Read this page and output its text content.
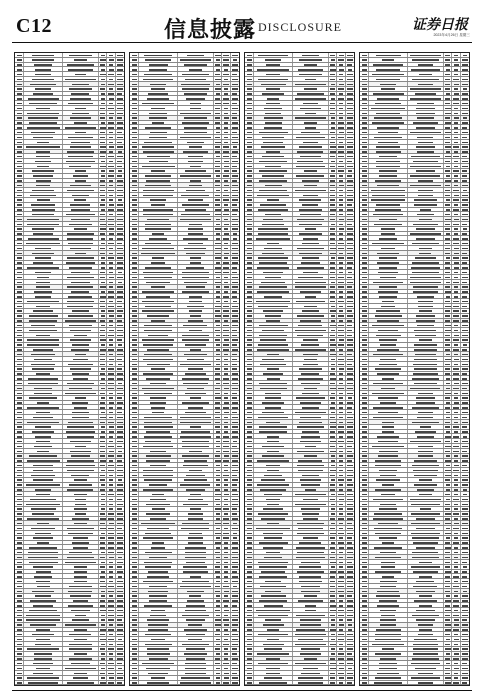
C12	信息披露 DISCLOSURE	证券日报
2023年4月26日 星期三
